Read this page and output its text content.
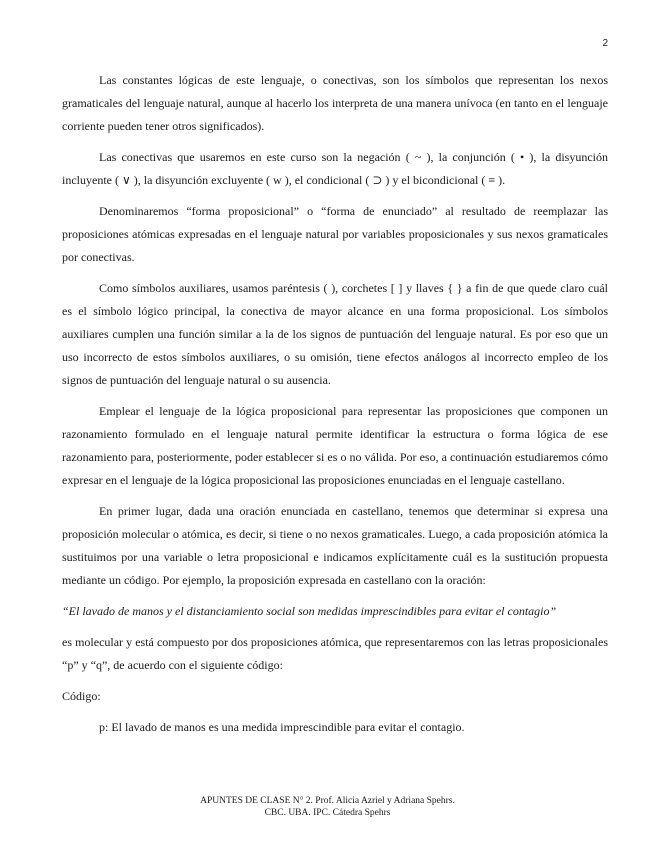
2

Las constantes lógicas de este lenguaje, o conectivas, son los símbolos que representan los nexos gramaticales del lenguaje natural, aunque al hacerlo los interpreta de una manera unívoca (en tanto en el lenguaje corriente pueden tener otros significados).

Las conectivas que usaremos en este curso son la negación ( ~ ), la conjunción ( • ), la disyunción incluyente ( ∨ ), la disyunción excluyente ( w ), el condicional ( ⊃ ) y el bicondicional ( ≡ ).

Denominaremos “forma proposicional” o “forma de enunciado” al resultado de reemplazar las proposiciones atómicas expresadas en el lenguaje natural por variables proposicionales y sus nexos gramaticales por conectivas.

Como símbolos auxiliares, usamos paréntesis ( ), corchetes [ ] y llaves { } a fin de que quede claro cuál es el símbolo lógico principal, la conectiva de mayor alcance en una forma proposicional. Los símbolos auxiliares cumplen una función similar a la de los signos de puntuación del lenguaje natural. Es por eso que un uso incorrecto de estos símbolos auxiliares, o su omisión, tiene efectos análogos al incorrecto empleo de los signos de puntuación del lenguaje natural o su ausencia.

Emplear el lenguaje de la lógica proposicional para representar las proposiciones que componen un razonamiento formulado en el lenguaje natural permite identificar la estructura o forma lógica de ese razonamiento para, posteriormente, poder establecer si es o no válida. Por eso, a continuación estudiaremos cómo expresar en el lenguaje de la lógica proposicional las proposiciones enunciadas en el lenguaje castellano.

En primer lugar, dada una oración enunciada en castellano, tenemos que determinar si expresa una proposición molecular o atómica, es decir, si tiene o no nexos gramaticales. Luego, a cada proposición atómica la sustituimos por una variable o letra proposicional e indicamos explícitamente cuál es la sustitución propuesta mediante un código. Por ejemplo, la proposición expresada en castellano con la oración:

“El lavado de manos y el distanciamiento social son medidas imprescindibles para evitar el contagio”

es molecular y está compuesto por dos proposiciones atómica, que representaremos con las letras proposicionales “p” y “q”, de acuerdo con el siguiente código:

Código:

p: El lavado de manos es una medida imprescindible para evitar el contagio.

APUNTES DE CLASE N° 2. Prof. Alicia Azriel y Adriana Spehrs.
CBC. UBA. IPC. Cátedra Spehrs
